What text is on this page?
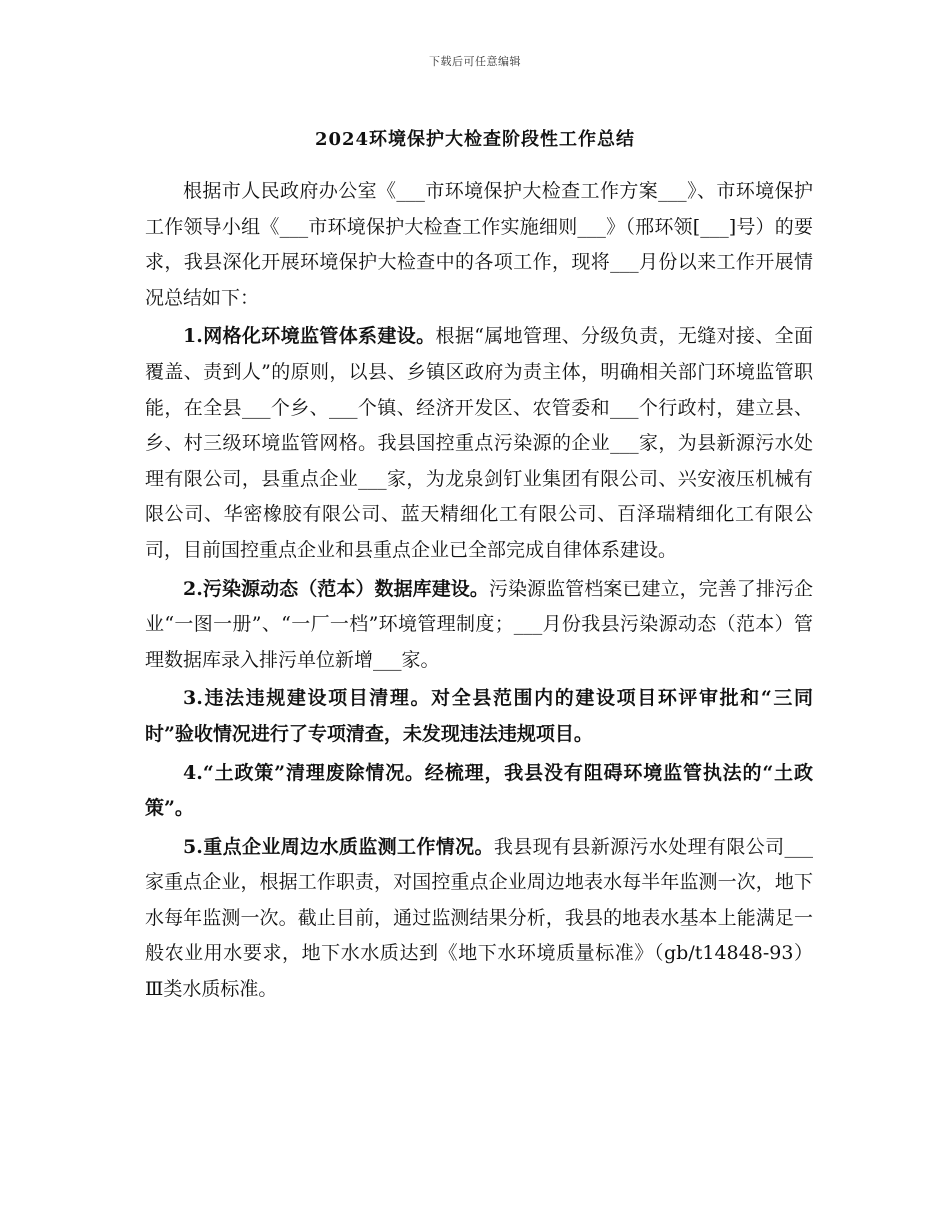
下载后可任意编辑
2024环境保护大检查阶段性工作总结

根据市人民政府办公室《___市环境保护大检查工作方案___》、市环境保护工作领导小组《___市环境保护大检查工作实施细则___》（邢环领[___]号）的要求，我县深化开展环境保护大检查中的各项工作，现将___月份以来工作开展情况总结如下：

1.网格化环境监管体系建设。根据“属地管理、分级负责，无缝对接、全面覆盖、责到人”的原则，以县、乡镇区政府为责主体，明确相关部门环境监管职能，在全县___个乡、___个镇、经济开发区、农管委和___个行政村，建立县、乡、村三级环境监管网格。我县国控重点污染源的企业___家，为县新源污水处理有限公司，县重点企业___家，为龙泉剑钉业集团有限公司、兴安液压机械有限公司、华密橡胶有限公司、蓝天精细化工有限公司、百泽瑞精细化工有限公司，目前国控重点企业和县重点企业已全部完成自律体系建设。

2.污染源动态（范本）数据库建设。污染源监管档案已建立，完善了排污企业“一图一册”、“一厂一档”环境管理制度；___月份我县污染源动态（范本）管理数据库录入排污单位新增___家。

3.违法违规建设项目清理。对全县范围内的建设项目环评审批和“三同时”验收情况进行了专项清查，未发现违法违规项目。

4.“土政策”清理废除情况。经梳理，我县没有阻碍环境监管执法的“土政策”。

5.重点企业周边水质监测工作情况。我县现有县新源污水处理有限公司___家重点企业，根据工作职责，对国控重点企业周边地表水每半年监测一次，地下水每年监测一次。截止目前，通过监测结果分析，我县的地表水基本上能满足一般农业用水要求，地下水水质达到《地下水环境质量标准》（gb/t14848-93）Ⅲ类水质标准。
